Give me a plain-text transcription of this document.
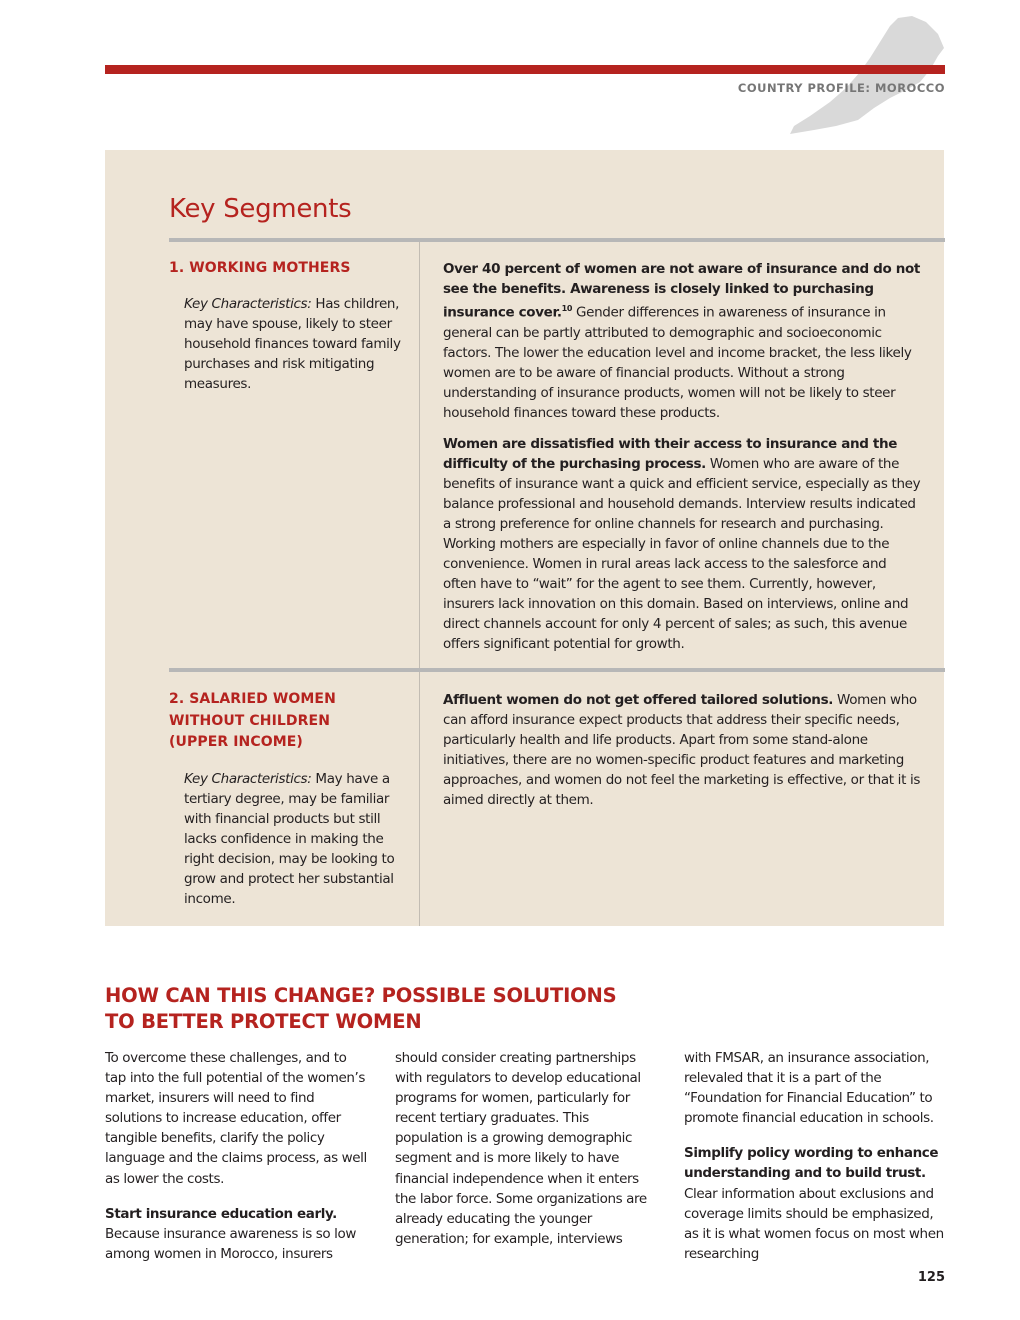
COUNTRY PROFILE: MOROCCO
Key Segments
1. WORKING MOTHERS

Key Characteristics: Has children, may have spouse, likely to steer household finances toward family purchases and risk mitigating measures.

Over 40 percent of women are not aware of insurance and do not see the benefits. Awareness is closely linked to purchasing insurance cover.$^{10}$ Gender differences in awareness of insurance in general can be partly attributed to demographic and socioeconomic factors. The lower the education level and income bracket, the less likely women are to be aware of financial products. Without a strong understanding of insurance products, women will not be likely to steer household finances toward these products.

Women are dissatisfied with their access to insurance and the difficulty of the purchasing process. Women who are aware of the benefits of insurance want a quick and efficient service, especially as they balance professional and household demands. Interview results indicated a strong preference for online channels for research and purchasing. Working mothers are especially in favor of online channels due to the convenience. Women in rural areas lack access to the salesforce and often have to “wait” for the agent to see them. Currently, however, insurers lack innovation on this domain. Based on interviews, online and direct channels account for only 4 percent of sales; as such, this avenue offers significant potential for growth.

2. SALARIED WOMEN
WITHOUT CHILDREN
(UPPER INCOME)

Key Characteristics: May have a tertiary degree, may be familiar with financial products but still lacks confidence in making the right decision, may be looking to grow and protect her substantial income.

Affluent women do not get offered tailored solutions. Women who can afford insurance expect products that address their specific needs, particularly health and life products. Apart from some stand-alone initiatives, there are no women-specific product features and marketing approaches, and women do not feel the marketing is effective, or that it is aimed directly at them.

HOW CAN THIS CHANGE? POSSIBLE SOLUTIONS
TO BETTER PROTECT WOMEN

To overcome these challenges, and to tap into the full potential of the women’s market, insurers will need to find solutions to increase education, offer tangible benefits, clarify the policy language and the claims process, as well as lower the costs.
Start insurance education early.
Because insurance awareness is so low among women in Morocco, insurers

should consider creating partnerships with regulators to develop educational programs for women, particularly for recent tertiary graduates. This population is a growing demographic segment and is more likely to have financial independence when it enters the labor force. Some organizations are already educating the younger generation; for example, interviews

with FMSAR, an insurance association, relevaled that it is a part of the “Foundation for Financial Education” to promote financial education in schools.
Simplify policy wording to enhance understanding and to build trust.
Clear information about exclusions and coverage limits should be emphasized, as it is what women focus on most when researching

125
